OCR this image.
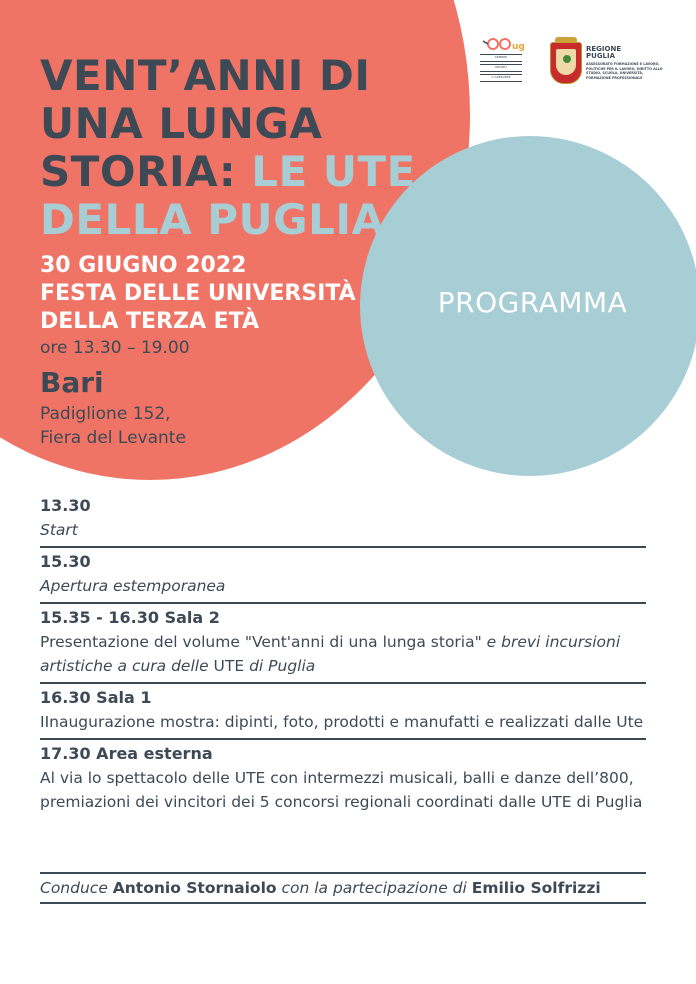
PROGRAMMA
VENT’ANNI DI
UNA LUNGA
STORIA: LE UTE
DELLA PUGLIA
30 GIUGNO 2022
FESTA DELLE UNIVERSITÀ
DELLA TERZA ETÀ
ore 13.30 – 19.00
Bari
Padiglione 152,
Fiera del Levante
ug
SEMPRE
PRONTI
A CRESCERE
REGIONE
PUGLIA
ASSESSORATO FORMAZIONE E LAVORO, POLITICHE PER IL LAVORO, DIRITTO ALLO STUDIO, SCUOLA, UNIVERSITÀ, FORMAZIONE PROFESSIONALE
13.30
Start
15.30
Apertura estemporanea
15.35 - 16.30 Sala 2
Presentazione del volume "Vent'anni di una lunga storia" e brevi incursioni artistiche a cura delle UTE di Puglia
16.30 Sala 1
IInaugurazione mostra: dipinti, foto, prodotti e manufatti e realizzati dalle Ute
17.30 Area esterna
Al via lo spettacolo delle UTE con intermezzi musicali, balli e danze dell’800, premiazioni dei vincitori dei 5 concorsi regionali coordinati dalle UTE di Puglia
Conduce Antonio Stornaiolo con la partecipazione di Emilio Solfrizzi
